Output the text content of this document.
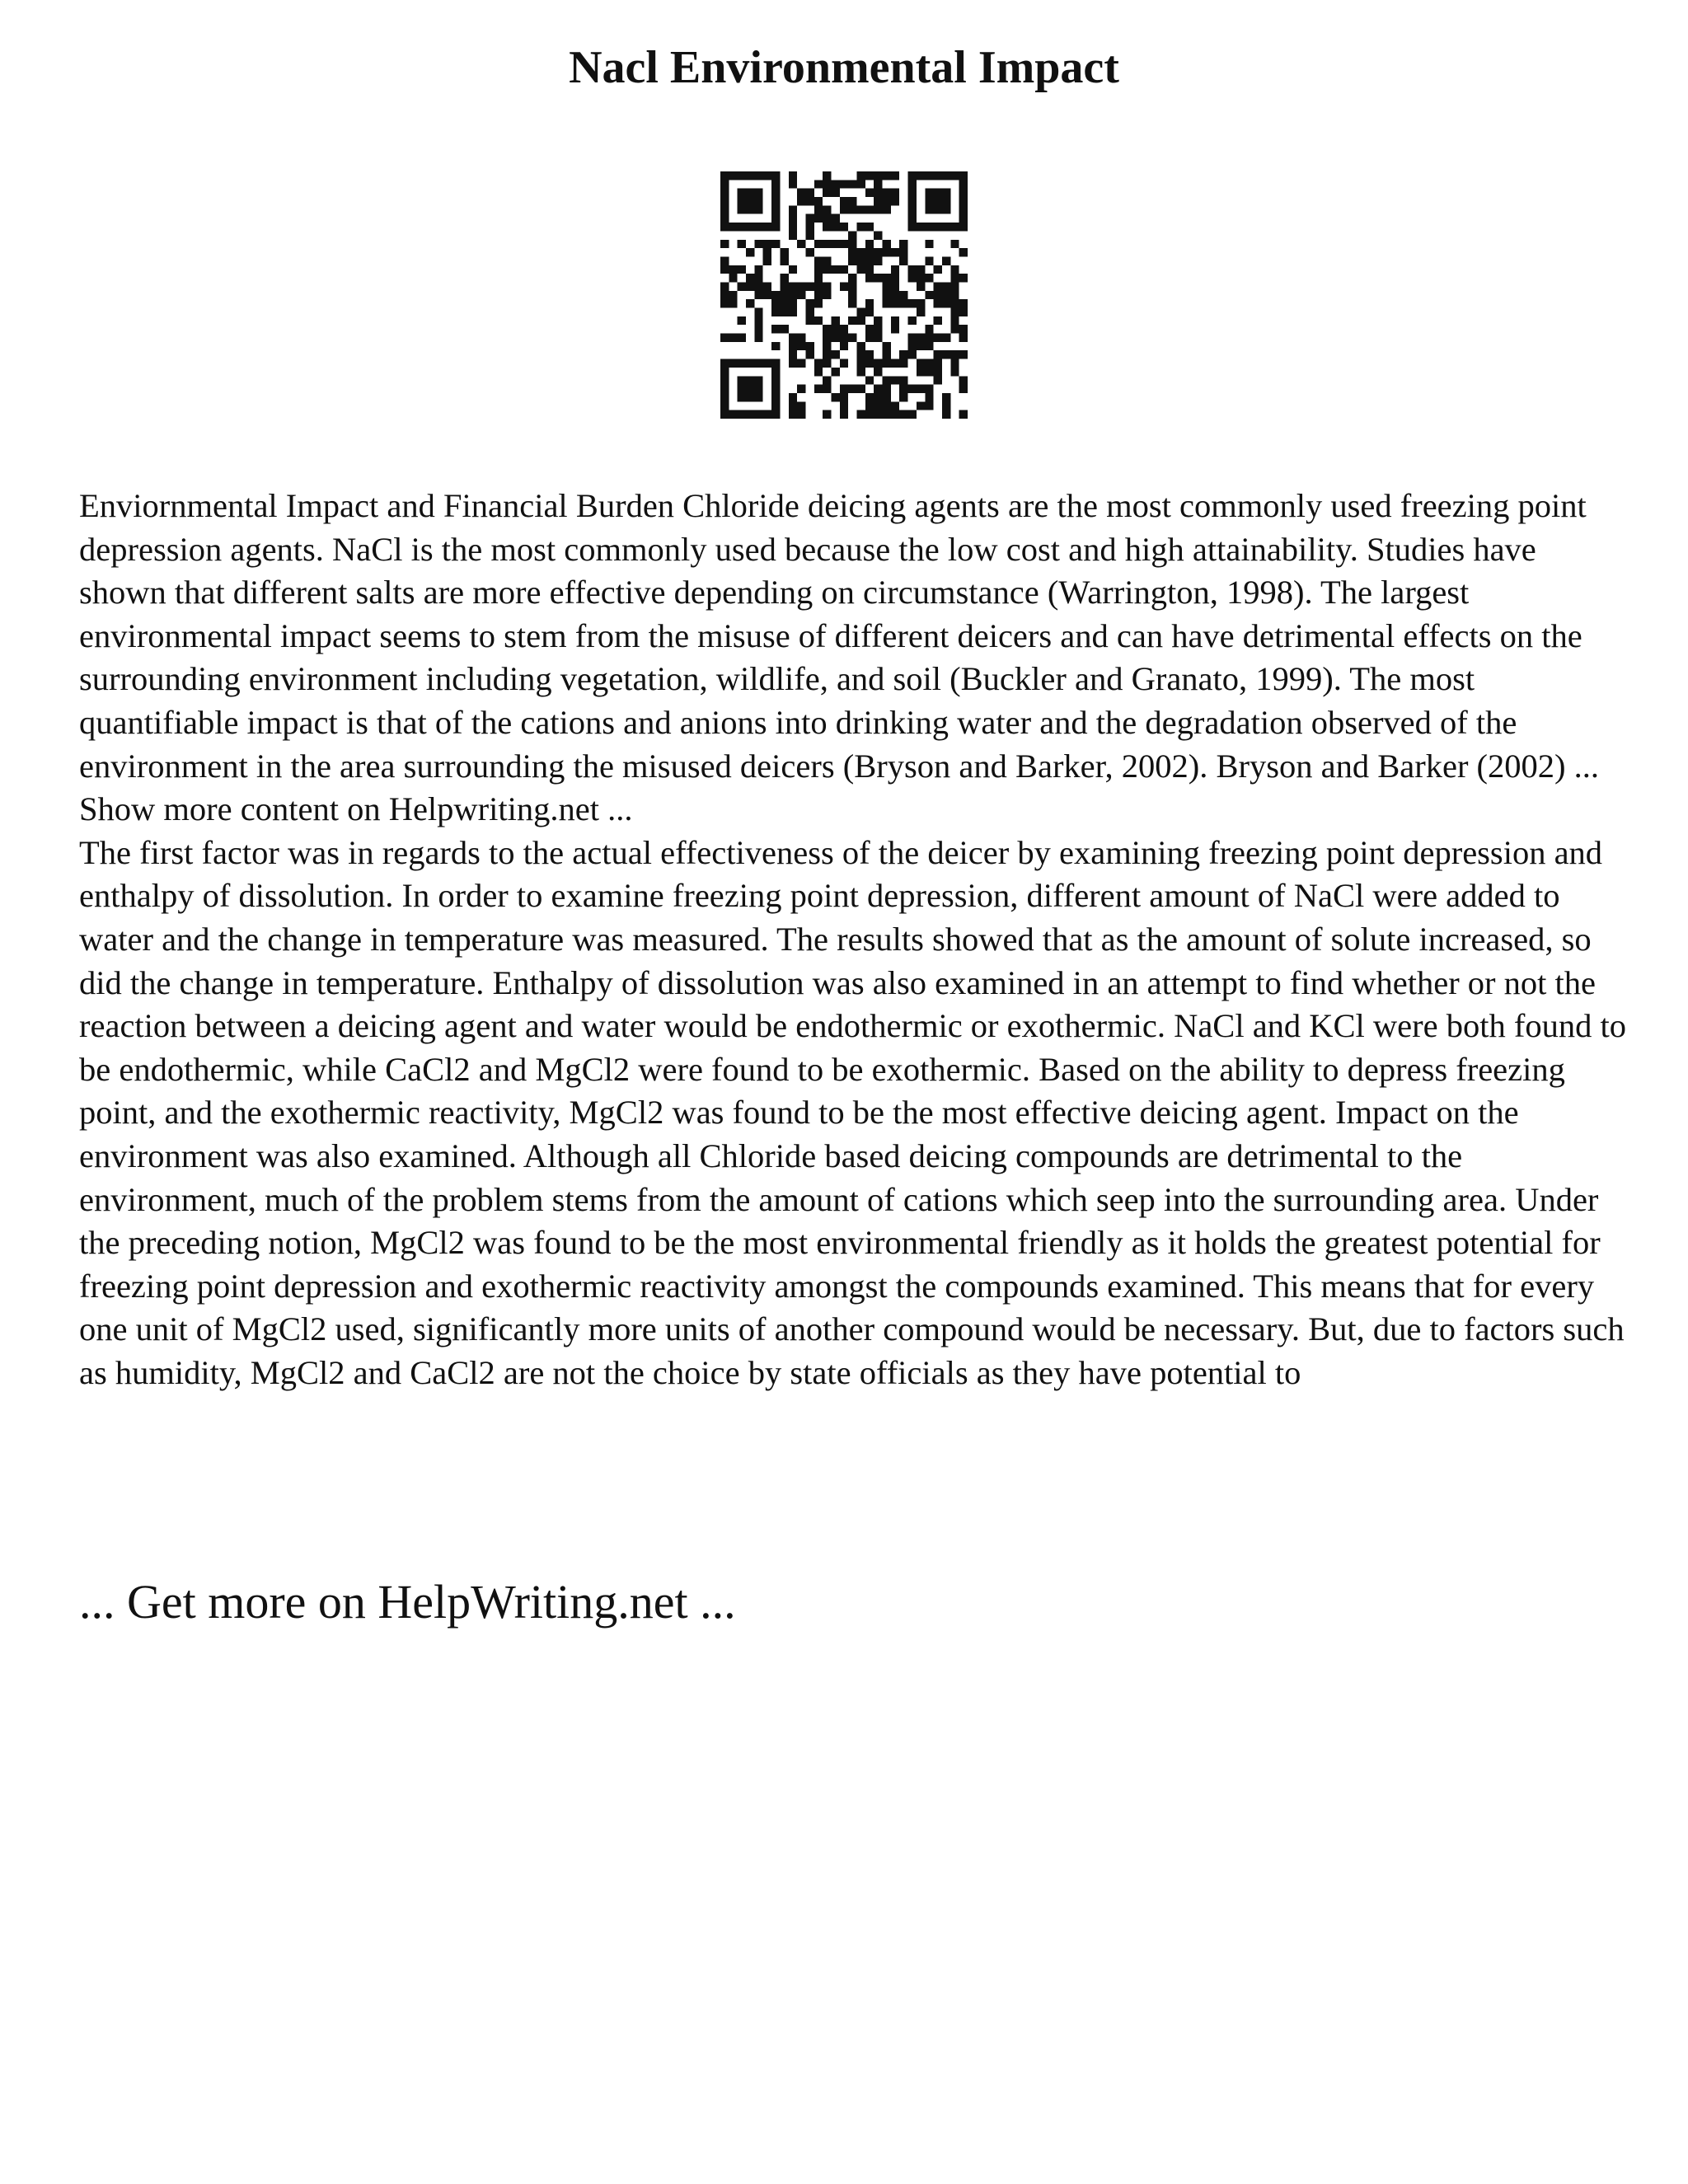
Nacl Environmental Impact

Enviornmental Impact and Financial Burden Chloride deicing agents are the most commonly used freezing point depression agents. NaCl is the most commonly used because the low cost and high attainability. Studies have shown that different salts are more effective depending on circumstance (Warrington, 1998). The largest environmental impact seems to stem from the misuse of different deicers and can have detrimental effects on the surrounding environment including vegetation, wildlife, and soil (Buckler and Granato, 1999). The most quantifiable impact is that of the cations and anions into drinking water and the degradation observed of the environment in the area surrounding the misused deicers (Bryson and Barker, 2002). Bryson and Barker (2002) ... Show more content on Helpwriting.net ...

The first factor was in regards to the actual effectiveness of the deicer by examining freezing point depression and enthalpy of dissolution. In order to examine freezing point depression, different amount of NaCl were added to water and the change in temperature was measured. The results showed that as the amount of solute increased, so did the change in temperature. Enthalpy of dissolution was also examined in an attempt to find whether or not the reaction between a deicing agent and water would be endothermic or exothermic. NaCl and KCl were both found to be endothermic, while CaCl2 and MgCl2 were found to be exothermic. Based on the ability to depress freezing point, and the exothermic reactivity, MgCl2 was found to be the most effective deicing agent. Impact on the environment was also examined. Although all Chloride based deicing compounds are detrimental to the environment, much of the problem stems from the amount of cations which seep into the surrounding area. Under the preceding notion, MgCl2 was found to be the most environmental friendly as it holds the greatest potential for freezing point depression and exothermic reactivity amongst the compounds examined. This means that for every one unit of MgCl2 used, significantly more units of another compound would be necessary. But, due to factors such as humidity, MgCl2 and CaCl2 are not the choice by state officials as they have potential to

... Get more on HelpWriting.net ...
